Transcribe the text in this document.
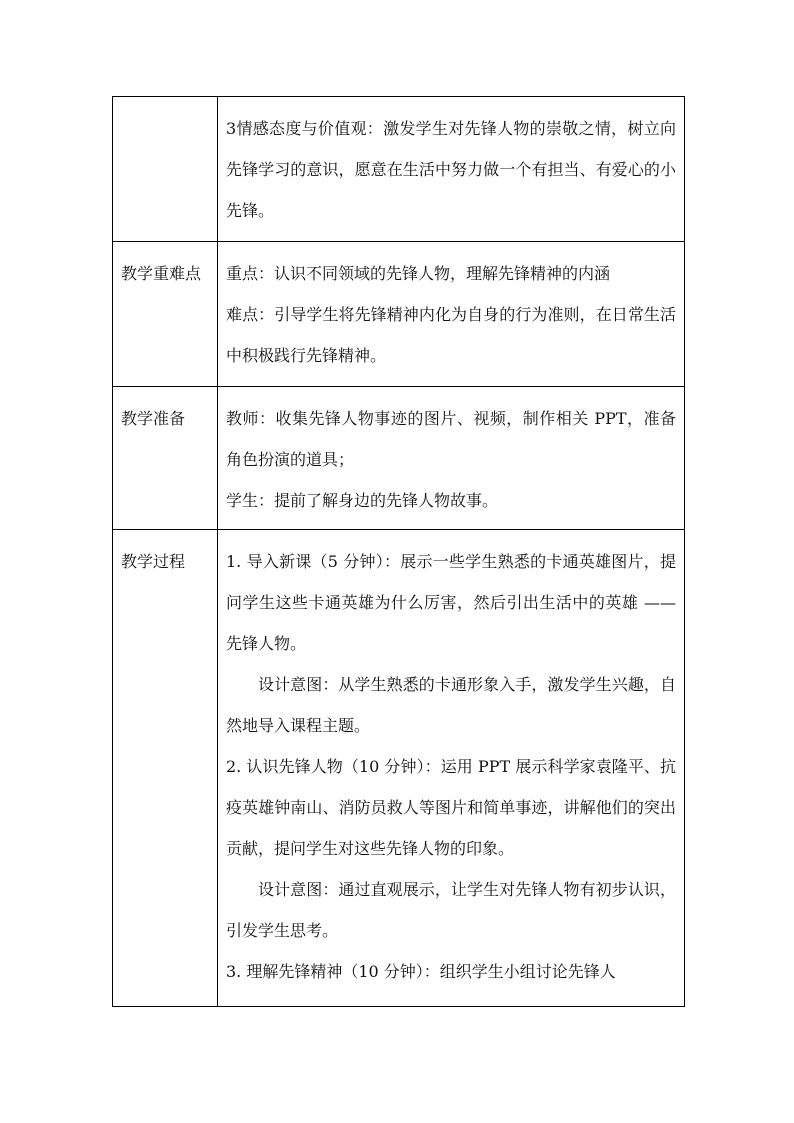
	3情感态度与价值观：激发学生对先锋人物的崇敬之情，树立向先锋学习的意识，愿意在生活中努力做一个有担当、有爱心的小先锋。

教学重难点	重点：认识不同领域的先锋人物，理解先锋精神的内涵

难点：引导学生将先锋精神内化为自身的行为准则，在日常生活中积极践行先锋精神。

教学准备	教师：收集先锋人物事迹的图片、视频，制作相关 PPT，准备角色扮演的道具；

学生：提前了解身边的先锋人物故事。

教学过程	1. 导入新课（5 分钟）：展示一些学生熟悉的卡通英雄图片，提问学生这些卡通英雄为什么厉害，然后引出生活中的英雄 —— 先锋人物。

设计意图：从学生熟悉的卡通形象入手，激发学生兴趣，自然地导入课程主题。

2. 认识先锋人物（10 分钟）：运用 PPT 展示科学家袁隆平、抗疫英雄钟南山、消防员救人等图片和简单事迹，讲解他们的突出贡献，提问学生对这些先锋人物的印象。

设计意图：通过直观展示，让学生对先锋人物有初步认识，引发学生思考。

3. 理解先锋精神（10 分钟）：组织学生小组讨论先锋人
